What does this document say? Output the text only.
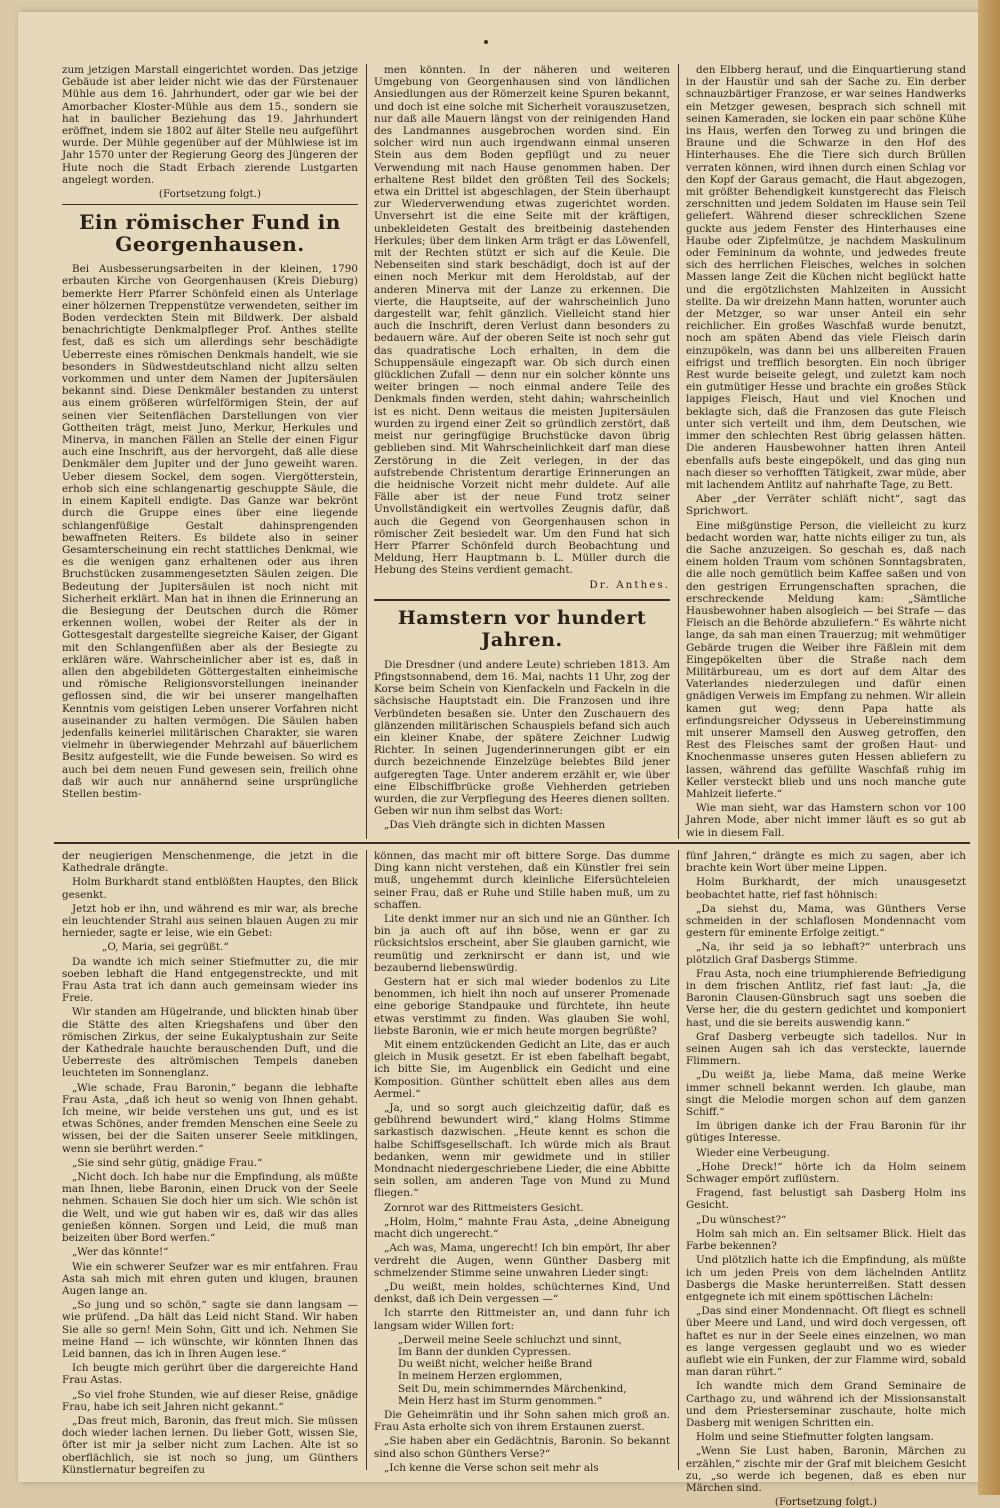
zum jetzigen Marstall eingerichtet worden. Das jetzige Gebäude ist aber leider nicht wie das der Fürstenauer Mühle aus dem 16. Jahrhundert, oder gar wie bei der Amorbacher Kloster-Mühle aus dem 15., sondern sie hat in baulicher Beziehung das 19. Jahrhundert eröffnet, indem sie 1802 auf älter Stelle neu aufgeführt wurde. Der Mühle gegenüber auf der Mühlwiese ist im Jahr 1570 unter der Regierung Georg des Jüngeren der Hute noch die Stadt Erbach zierende Lustgarten angelegt worden.
(Fortsetzung folgt.)
Ein römischer Fund in Georgenhausen.

Bei Ausbesserungsarbeiten in der kleinen, 1790 erbauten Kirche von Georgenhausen (Kreis Dieburg) bemerkte Herr Pfarrer Schönfeld einen als Unterlage einer hölzernen Treppenstütze verwendeten, seither im Boden verdeckten Stein mit Bildwerk. Der alsbald benachrichtigte Denkmalpfleger Prof. Anthes stellte fest, daß es sich um allerdings sehr beschädigte Ueberreste eines römischen Denkmals handelt, wie sie besonders in Südwestdeutschland nicht allzu selten vorkommen und unter dem Namen der Jupitersäulen bekannt sind. Diese Denkmäler bestanden zu unterst aus einem größeren würfelförmigen Stein, der auf seinen vier Seitenflächen Darstellungen von vier Gottheiten trägt, meist Juno, Merkur, Herkules und Minerva, in manchen Fällen an Stelle der einen Figur auch eine Inschrift, aus der hervorgeht, daß alle diese Denkmäler dem Jupiter und der Juno geweiht waren. Ueber diesem Sockel, dem sogen. Viergötterstein, erhob sich eine schlangenartig geschuppte Säule, die in einem Kapitell endigte. Das Ganze war bekrönt durch die Gruppe eines über eine liegende schlangenfüßige Gestalt dahinsprengenden bewaffneten Reiters. Es bildete also in seiner Gesamterscheinung ein recht stattliches Denkmal, wie es die wenigen ganz erhaltenen oder aus ihren Bruchstücken zusammengesetzten Säulen zeigen. Die Bedeutung der Jupitersäulen ist noch nicht mit Sicherheit erklärt. Man hat in ihnen die Erinnerung an die Besiegung der Deutschen durch die Römer erkennen wollen, wobei der Reiter als der in Gottesgestalt dargestellte siegreiche Kaiser, der Gigant mit den Schlangenfüßen aber als der Besiegte zu erklären wäre. Wahrscheinlicher aber ist es, daß in allen den abgebildeten Göttergestalten einheimische und römische Religionsvorstellungen ineinander geflossen sind, die wir bei unserer mangelhaften Kenntnis vom geistigen Leben unserer Vorfahren nicht auseinander zu halten vermögen. Die Säulen haben jedenfalls keinerlei militärischen Charakter, sie waren vielmehr in überwiegender Mehrzahl auf bäuerlichem Besitz aufgestellt, wie die Funde beweisen. So wird es auch bei dem neuen Fund gewesen sein, freilich ohne daß wir auch nur annähernd seine ursprüngliche Stellen bestim-

men könnten. In der näheren und weiteren Umgebung von Georgenhausen sind von ländlichen Ansiedlungen aus der Römerzeit keine Spuren bekannt, und doch ist eine solche mit Sicherheit vorauszusetzen, nur daß alle Mauern längst von der reinigenden Hand des Landmannes ausgebrochen worden sind. Ein solcher wird nun auch irgendwann einmal unseren Stein aus dem Boden gepflügt und zu neuer Verwendung mit nach Hause genommen haben. Der erhaltene Rest bildet den größten Teil des Sockels; etwa ein Drittel ist abgeschlagen, der Stein überhaupt zur Wiederverwendung etwas zugerichtet worden. Unversehrt ist die eine Seite mit der kräftigen, unbekleideten Gestalt des breitbeinig dastehenden Herkules; über dem linken Arm trägt er das Löwenfell, mit der Rechten stützt er sich auf die Keule. Die Nebenseiten sind stark beschädigt, doch ist auf der einen noch Merkur mit dem Heroldstab, auf der anderen Minerva mit der Lanze zu erkennen. Die vierte, die Hauptseite, auf der wahrscheinlich Juno dargestellt war, fehlt gänzlich. Vielleicht stand hier auch die Inschrift, deren Verlust dann besonders zu bedauern wäre. Auf der oberen Seite ist noch sehr gut das quadratische Loch erhalten, in dem die Schuppensäule eingezapft war. Ob sich durch einen glücklichen Zufall — denn nur ein solcher könnte uns weiter bringen — noch einmal andere Teile des Denkmals finden werden, steht dahin; wahrscheinlich ist es nicht. Denn weitaus die meisten Jupitersäulen wurden zu irgend einer Zeit so gründlich zerstört, daß meist nur geringfügige Bruchstücke davon übrig geblieben sind. Mit Wahrscheinlichkeit darf man diese Zerstörung in die Zeit verlegen, in der das aufstrebende Christentum derartige Erinnerungen an die heidnische Vorzeit nicht mehr duldete. Auf alle Fälle aber ist der neue Fund trotz seiner Unvollständigkeit ein wertvolles Zeugnis dafür, daß auch die Gegend von Georgenhausen schon in römischer Zeit besiedelt war. Um den Fund hat sich Herr Pfarrer Schönfeld durch Beobachtung und Meldung, Herr Hauptmann b. L. Müller durch die Hebung des Steins verdient gemacht.

Dr. Anthes.
Hamstern vor hundert Jahren.

Die Dresdner (und andere Leute) schrieben 1813. Am Pfingstsonnabend, dem 16. Mai, nachts 11 Uhr, zog der Korse beim Schein von Kienfackeln und Fackeln in die sächsische Hauptstadt ein. Die Franzosen und ihre Verbündeten besaßen sie. Unter den Zuschauern des glänzenden militärischen Schauspiels befand sich auch ein kleiner Knabe, der spätere Zeichner Ludwig Richter. In seinen Jugenderinnerungen gibt er ein durch bezeichnende Einzelzüge belebtes Bild jener aufgeregten Tage. Unter anderem erzählt er, wie über eine Elbschiffbrücke große Viehherden getrieben wurden, die zur Verpflegung des Heeres dienen sollten. Geben wir nun ihm selbst das Wort:

„Das Vieh drängte sich in dichten Massen

den Elbberg herauf, und die Einquartierung stand in der Haustür und sah der Sache zu. Ein derber schnauzbärtiger Franzose, er war seines Handwerks ein Metzger gewesen, besprach sich schnell mit seinen Kameraden, sie locken ein paar schöne Kühe ins Haus, werfen den Torweg zu und bringen die Braune und die Schwarze in den Hof des Hinterhauses. Ehe die Tiere sich durch Brüllen verraten können, wird ihnen durch einen Schlag vor den Kopf der Garaus gemacht, die Haut abgezogen, mit größter Behendigkeit kunstgerecht das Fleisch zerschnitten und jedem Soldaten im Hause sein Teil geliefert. Während dieser schrecklichen Szene guckte aus jedem Fenster des Hinterhauses eine Haube oder Zipfelmütze, je nachdem Maskulinum oder Femininum da wohnte, und jedwedes freute sich des herrlichen Fleisches, welches in solchen Massen lange Zeit die Küchen nicht beglückt hatte und die ergötzlichsten Mahlzeiten in Aussicht stellte. Da wir dreizehn Mann hatten, worunter auch der Metzger, so war unser Anteil ein sehr reichlicher. Ein großes Waschfaß wurde benutzt, noch am späten Abend das viele Fleisch darin einzupökeln, was dann bei uns allbereiten Frauen eifrigst und trefflich besorgten. Ein noch übriger Rest wurde beiseite gelegt, und zuletzt kam noch ein gutmütiger Hesse und brachte ein großes Stück lappiges Fleisch, Haut und viel Knochen und beklagte sich, daß die Franzosen das gute Fleisch unter sich verteilt und ihm, dem Deutschen, wie immer den schlechten Rest übrig gelassen hätten. Die anderen Hausbewohner hatten ihren Anteil ebenfalls aufs beste eingepökelt, und das ging nun nach dieser so verhofften Tätigkeit, zwar müde, aber mit lachendem Antlitz auf nahrhafte Tage, zu Bett.

Aber „der Verräter schläft nicht“, sagt das Sprichwort.

Eine mißgünstige Person, die vielleicht zu kurz bedacht worden war, hatte nichts eiliger zu tun, als die Sache anzuzeigen. So geschah es, daß nach einem holden Traum vom schönen Sonntagsbraten, die alle noch gemütlich beim Kaffee saßen und von den gestrigen Errungenschaften sprachen, die erschreckende Meldung kam: „Sämtliche Hausbewohner haben alsogleich — bei Strafe — das Fleisch an die Behörde abzuliefern.“ Es währte nicht lange, da sah man einen Trauerzug; mit wehmütiger Gebärde trugen die Weiber ihre Fäßlein mit dem Eingepökelten über die Straße nach dem Militärbureau, um es dort auf dem Altar des Vaterlandes niederzulegen und dafür einen gnädigen Verweis im Empfang zu nehmen. Wir allein kamen gut weg; denn Papa hatte als erfindungsreicher Odysseus in Uebereinstimmung mit unserer Mamsell den Ausweg getroffen, den Rest des Fleisches samt der großen Haut- und Knochenmasse unseres guten Hessen abliefern zu lassen, während das gefüllte Waschfaß ruhig im Keller versteckt blieb und uns noch manche gute Mahlzeit lieferte.“

Wie man sieht, war das Hamstern schon vor 100 Jahren Mode, aber nicht immer läuft es so gut ab wie in diesem Fall.

der neugierigen Menschenmenge, die jetzt in die Kathedrale drängte.

Holm Burkhardt stand entblößten Hauptes, den Blick gesenkt.

Jetzt hob er ihn, und während es mir war, als breche ein leuchtender Strahl aus seinen blauen Augen zu mir hernieder, sagte er leise, wie ein Gebet:

„O, Maria, sei gegrüßt.“

Da wandte ich mich seiner Stiefmutter zu, die mir soeben lebhaft die Hand entgegenstreckte, und mit Frau Asta trat ich dann auch gemeinsam wieder ins Freie.

Wir standen am Hügelrande, und blickten hinab über die Stätte des alten Kriegshafens und über den römischen Zirkus, der seine Eukalyptushain zur Seite der Kathedrale hauchte berauschenden Duft, und die Ueberreste des altrömischen Tempels daneben leuchteten im Sonnenglanz.

„Wie schade, Frau Baronin,“ begann die lebhafte Frau Asta, „daß ich heut so wenig von Ihnen gehabt. Ich meine, wir beide verstehen uns gut, und es ist etwas Schönes, ander fremden Menschen eine Seele zu wissen, bei der die Saiten unserer Seele mitklingen, wenn sie berührt werden.“

„Sie sind sehr gütig, gnädige Frau.“

„Nicht doch. Ich habe nur die Empfindung, als müßte man Ihnen, liebe Baronin, einen Druck von der Seele nehmen. Schauen Sie doch hier um sich. Wie schön ist die Welt, und wie gut haben wir es, daß wir das alles genießen können. Sorgen und Leid, die muß man beizeiten über Bord werfen.“

„Wer das könnte!“

Wie ein schwerer Seufzer war es mir entfahren. Frau Asta sah mich mit ehren guten und klugen, braunen Augen lange an.

„So jung und so schön,“ sagte sie dann langsam — wie prüfend. „Da hält das Leid nicht Stand. Wir haben Sie alle so gern! Mein Sohn, Gitt und ich. Nehmen Sie meine Hand — ich wünschte, wir könnten Ihnen das Leid bannen, das ich in Ihren Augen lese.“

Ich beugte mich gerührt über die dargereichte Hand Frau Astas.

„So viel frohe Stunden, wie auf dieser Reise, gnädige Frau, habe ich seit Jahren nicht gekannt.“

„Das freut mich, Baronin, das freut mich. Sie müssen doch wieder lachen lernen. Du lieber Gott, wissen Sie, öfter ist mir ja selber nicht zum Lachen. Alte ist so oberflächlich, sie ist noch so jung, um Günthers Künstlernatur begreifen zu

können, das macht mir oft bittere Sorge. Das dumme Ding kann nicht verstehen, daß ein Künstler frei sein muß, ungehemmt durch kleinliche Eifersüchteleien seiner Frau, daß er Ruhe und Stille haben muß, um zu schaffen.

Lite denkt immer nur an sich und nie an Günther. Ich bin ja auch oft auf ihn böse, wenn er gar zu rücksichtslos erscheint, aber Sie glauben garnicht, wie reumütig und zerknirscht er dann ist, und wie bezaubernd liebenswürdig.

Gestern hat er sich mal wieder bodenlos zu Lite benommen, ich hielt ihn noch auf unserer Promenade eine geborige Standpauke und fürchtete, ihn heute etwas verstimmt zu finden. Was glauben Sie wohl, liebste Baronin, wie er mich heute morgen begrüßte?

Mit einem entzückenden Gedicht an Lite, das er auch gleich in Musik gesetzt. Er ist eben fabelhaft begabt, ich bitte Sie, im Augenblick ein Gedicht und eine Komposition. Günther schüttelt eben alles aus dem Aermel.“

„Ja, und so sorgt auch gleichzeitig dafür, daß es gebührend bewundert wird,“ klang Holms Stimme sarkastisch dazwischen. „Heute kennt es schon die halbe Schiffsgesellschaft. Ich würde mich als Braut bedanken, wenn mir gewidmete und in stiller Mondnacht niedergeschriebene Lieder, die eine Abbitte sein sollen, am anderen Tage von Mund zu Mund fliegen.“

Zornrot war des Rittmeisters Gesicht.

„Holm, Holm,“ mahnte Frau Asta, „deine Abneigung macht dich ungerecht.“

„Ach was, Mama, ungerecht! Ich bin empört, Ihr aber verdreht die Augen, wenn Günther Dasberg mit schmelzender Stimme seine unwahren Lieder singt:

„Du weißt, mein holdes, schüchternes Kind, Und denkst, daß ich Dein vergessen —“

Ich starrte den Rittmeister an, und dann fuhr ich langsam wider Willen fort:

„Derweil meine Seele schluchzt und sinnt,
Im Bann der dunklen Cypressen.
Du weißt nicht, welcher heiße Brand
In meinem Herzen erglommen,
Seit Du, mein schimmerndes Märchenkind,
Mein Herz hast im Sturm genommen.“

Die Geheimrätin und ihr Sohn sahen mich groß an. Frau Asta erholte sich von ihrem Erstaunen zuerst.

„Sie haben aber ein Gedächtnis, Baronin. So bekannt sind also schon Günthers Verse?“

„Ich kenne die Verse schon seit mehr als

fünf Jahren,“ drängte es mich zu sagen, aber ich brachte kein Wort über meine Lippen.

Holm Burkhardt, der mich unausgesetzt beobachtet hatte, rief fast höhnisch:

„Da siehst du, Mama, was Günthers Verse schmeiden in der schlaflosen Mondennacht vom gestern für eminente Erfolge zeitigt.“

„Na, ihr seid ja so lebhaft?“ unterbrach uns plötzlich Graf Dasbergs Stimme.

Frau Asta, noch eine triumphierende Befriedigung in dem frischen Antlitz, rief fast laut: „Ja, die Baronin Clausen-Günsbruch sagt uns soeben die Verse her, die du gestern gedichtet und komponiert hast, und die sie bereits auswendig kann.“

Graf Dasberg verbeugte sich tadellos. Nur in seinen Augen sah ich das versteckte, lauernde Flimmern.

„Du weißt ja, liebe Mama, daß meine Werke immer schnell bekannt werden. Ich glaube, man singt die Melodie morgen schon auf dem ganzen Schiff.“

Im übrigen danke ich der Frau Baronin für ihr gütiges Interesse.

Wieder eine Verbeugung.

„Hohe Dreck!“ hörte ich da Holm seinem Schwager empört zuflüstern.

Fragend, fast belustigt sah Dasberg Holm ins Gesicht.

„Du wünschest?“

Holm sah mich an. Ein seltsamer Blick. Hielt das Farbe bekennen?

Und plötzlich hatte ich die Empfindung, als müßte ich um jeden Preis von dem lächelnden Antlitz Dasbergs die Maske herunterreißen. Statt dessen entgegnete ich mit einem spöttischen Lächeln:

„Das sind einer Mondennacht. Oft fliegt es schnell über Meere und Land, und wird doch vergessen, oft haftet es nur in der Seele eines einzelnen, wo man es lange vergessen geglaubt und wo es wieder auflebt wie ein Funken, der zur Flamme wird, sobald man daran rührt.“

Ich wandte mich dem Grand Seminaire de Carthago zu, und während ich der Missionsanstalt und dem Priesterseminar zuschaute, holte mich Dasberg mit wenigen Schritten ein.

Holm und seine Stiefmutter folgten langsam.

„Wenn Sie Lust haben, Baronin, Märchen zu erzählen,“ zischte mir der Graf mit bleichem Gesicht zu, „so werde ich begenen, daß es eben nur Märchen sind.

(Fortsetzung folgt.)
